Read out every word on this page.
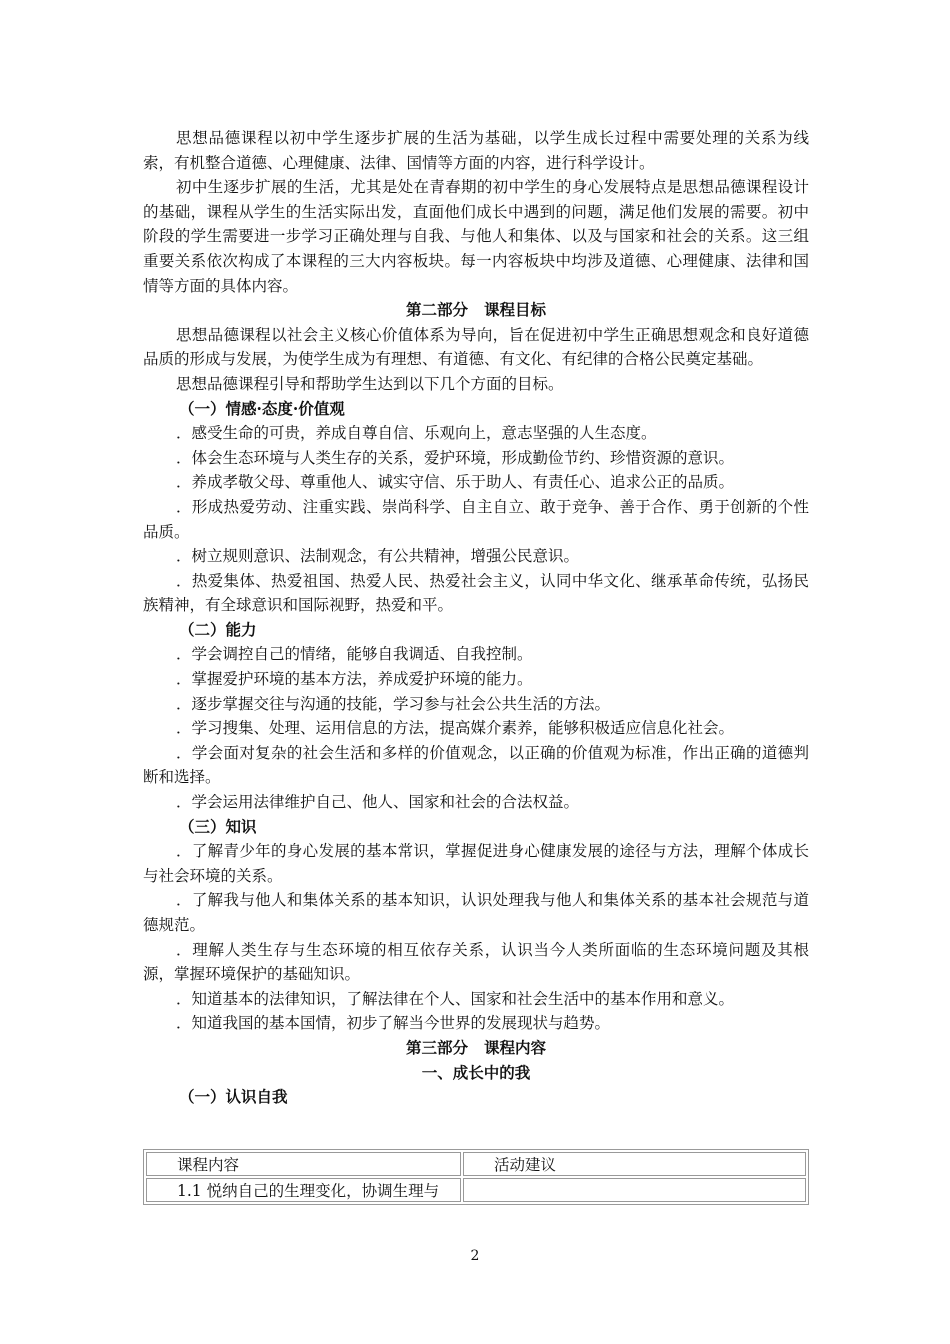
思想品德课程以初中学生逐步扩展的生活为基础，以学生成长过程中需要处理的关系为线索，有机整合道德、心理健康、法律、国情等方面的内容，进行科学设计。

初中生逐步扩展的生活，尤其是处在青春期的初中学生的身心发展特点是思想品德课程设计的基础，课程从学生的生活实际出发，直面他们成长中遇到的问题，满足他们发展的需要。初中阶段的学生需要进一步学习正确处理与自我、与他人和集体、以及与国家和社会的关系。这三组重要关系依次构成了本课程的三大内容板块。每一内容板块中均涉及道德、心理健康、法律和国情等方面的具体内容。

第二部分 课程目标

思想品德课程以社会主义核心价值体系为导向，旨在促进初中学生正确思想观念和良好道德品质的形成与发展，为使学生成为有理想、有道德、有文化、有纪律的合格公民奠定基础。

思想品德课程引导和帮助学生达到以下几个方面的目标。

（一）情感·态度·价值观

．感受生命的可贵，养成自尊自信、乐观向上，意志坚强的人生态度。

．体会生态环境与人类生存的关系，爱护环境，形成勤俭节约、珍惜资源的意识。

．养成孝敬父母、尊重他人、诚实守信、乐于助人、有责任心、追求公正的品质。

．形成热爱劳动、注重实践、崇尚科学、自主自立、敢于竞争、善于合作、勇于创新的个性品质。

．树立规则意识、法制观念，有公共精神，增强公民意识。

．热爱集体、热爱祖国、热爱人民、热爱社会主义，认同中华文化、继承革命传统，弘扬民族精神，有全球意识和国际视野，热爱和平。

（二）能力

．学会调控自己的情绪，能够自我调适、自我控制。

．掌握爱护环境的基本方法，养成爱护环境的能力。

．逐步掌握交往与沟通的技能，学习参与社会公共生活的方法。

．学习搜集、处理、运用信息的方法，提高媒介素养，能够积极适应信息化社会。

．学会面对复杂的社会生活和多样的价值观念，以正确的价值观为标准，作出正确的道德判断和选择。

．学会运用法律维护自己、他人、国家和社会的合法权益。

（三）知识

．了解青少年的身心发展的基本常识，掌握促进身心健康发展的途径与方法，理解个体成长与社会环境的关系。

．了解我与他人和集体关系的基本知识，认识处理我与他人和集体关系的基本社会规范与道德规范。

．理解人类生存与生态环境的相互依存关系，认识当今人类所面临的生态环境问题及其根源，掌握环境保护的基础知识。

．知道基本的法律知识，了解法律在个人、国家和社会生活中的基本作用和意义。

．知道我国的基本国情，初步了解当今世界的发展现状与趋势。

第三部分 课程内容

一、成长中的我

（一）认识自我

课程内容	活动建议
1.1 悦纳自己的生理变化，协调生理与	
2
